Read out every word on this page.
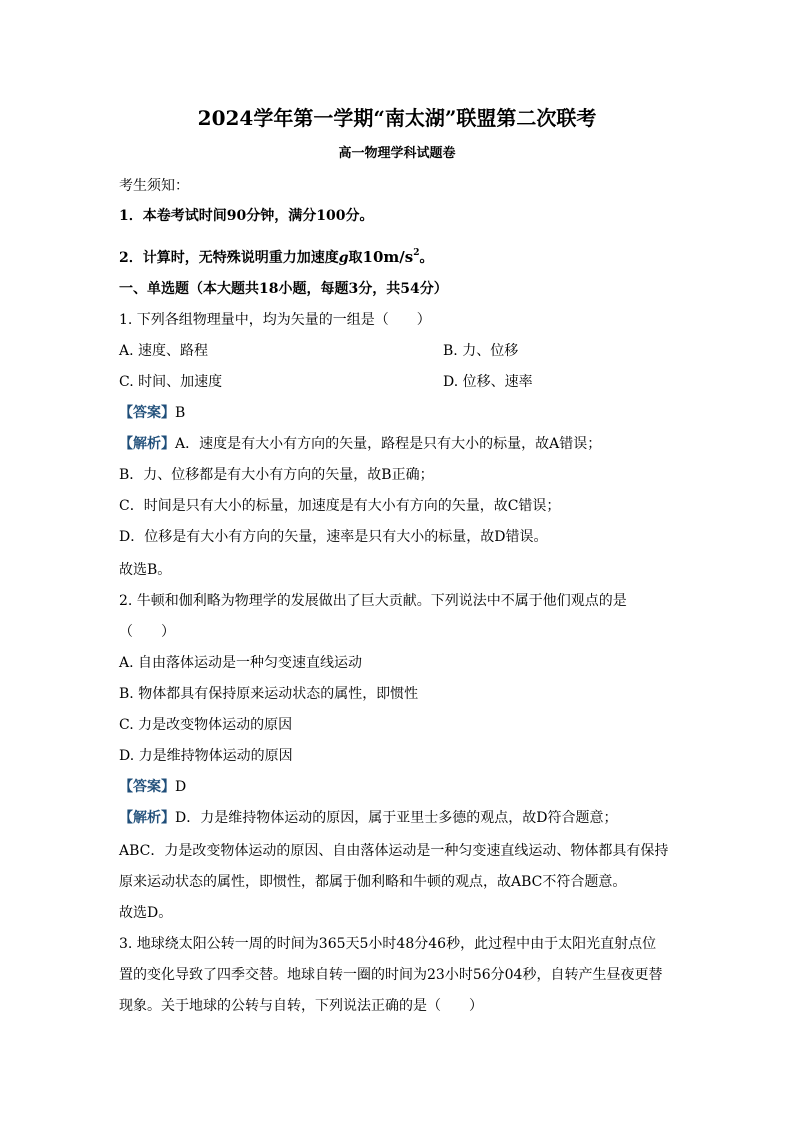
2024学年第一学期“南太湖”联盟第二次联考
高一物理学科试题卷
考生须知：
1．本卷考试时间90分钟，满分100分。
2．计算时，无特殊说明重力加速度g取$10m/s^2$。
一、单选题（本大题共18小题，每题3分，共54分）
1. 下列各组物理量中，均为矢量的一组是（　　）
A. 速度、路程	B. 力、位移
C. 时间、加速度	D. 位移、速率
【答案】B
【解析】A．速度是有大小有方向的矢量，路程是只有大小的标量，故A错误；
B．力、位移都是有大小有方向的矢量，故B正确；
C．时间是只有大小的标量，加速度是有大小有方向的矢量，故C错误；
D．位移是有大小有方向的矢量，速率是只有大小的标量，故D错误。
故选B。
2. 牛顿和伽利略为物理学的发展做出了巨大贡献。下列说法中不属于他们观点的是
（　　）
A. 自由落体运动是一种匀变速直线运动
B. 物体都具有保持原来运动状态的属性，即惯性
C. 力是改变物体运动的原因
D. 力是维持物体运动的原因
【答案】D
【解析】D．力是维持物体运动的原因，属于亚里士多德的观点，故D符合题意；
ABC．力是改变物体运动的原因、自由落体运动是一种匀变速直线运动、物体都具有保持
原来运动状态的属性，即惯性，都属于伽利略和牛顿的观点，故ABC不符合题意。
故选D。
3. 地球绕太阳公转一周的时间为365天5小时48分46秒，此过程中由于太阳光直射点位
置的变化导致了四季交替。地球自转一圈的时间为23小时56分04秒，自转产生昼夜更替
现象。关于地球的公转与自转，下列说法正确的是（　　）
